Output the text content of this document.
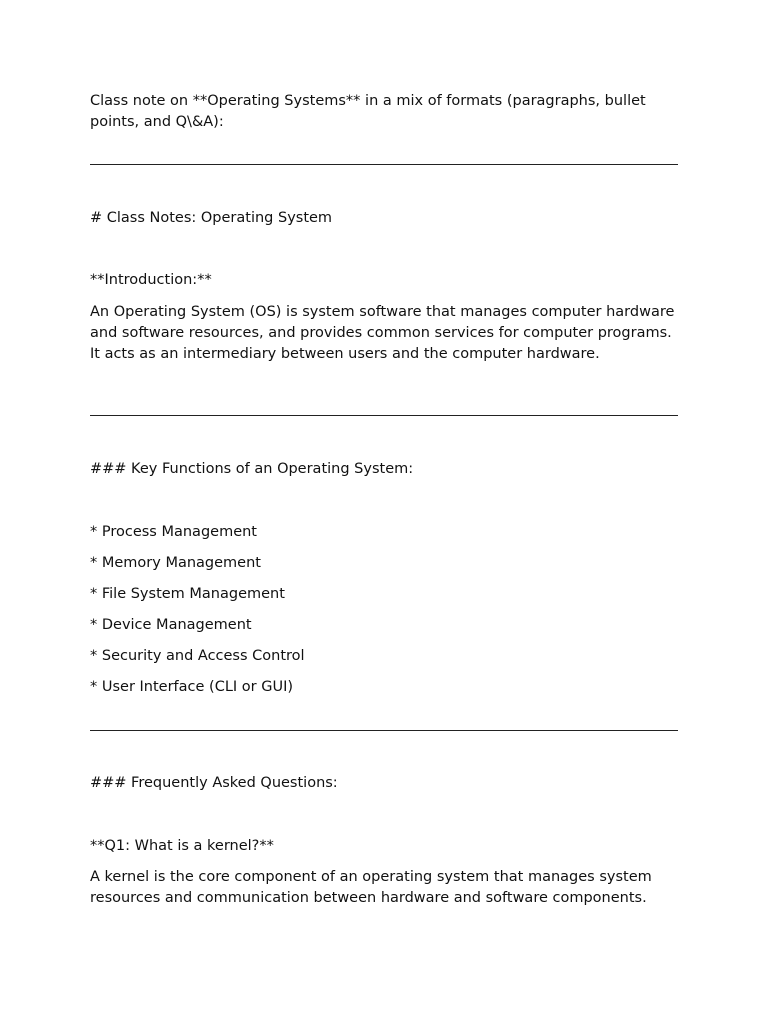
Class note on **Operating Systems** in a mix of formats (paragraphs, bullet points, and Q\&A):

# Class Notes: Operating System

**Introduction:**

An Operating System (OS) is system software that manages computer hardware and software resources, and provides common services for computer programs. It acts as an intermediary between users and the computer hardware.

### Key Functions of an Operating System:

* Process Management

* Memory Management

* File System Management

* Device Management

* Security and Access Control

* User Interface (CLI or GUI)

### Frequently Asked Questions:

**Q1: What is a kernel?**

A kernel is the core component of an operating system that manages system resources and communication between hardware and software components.
